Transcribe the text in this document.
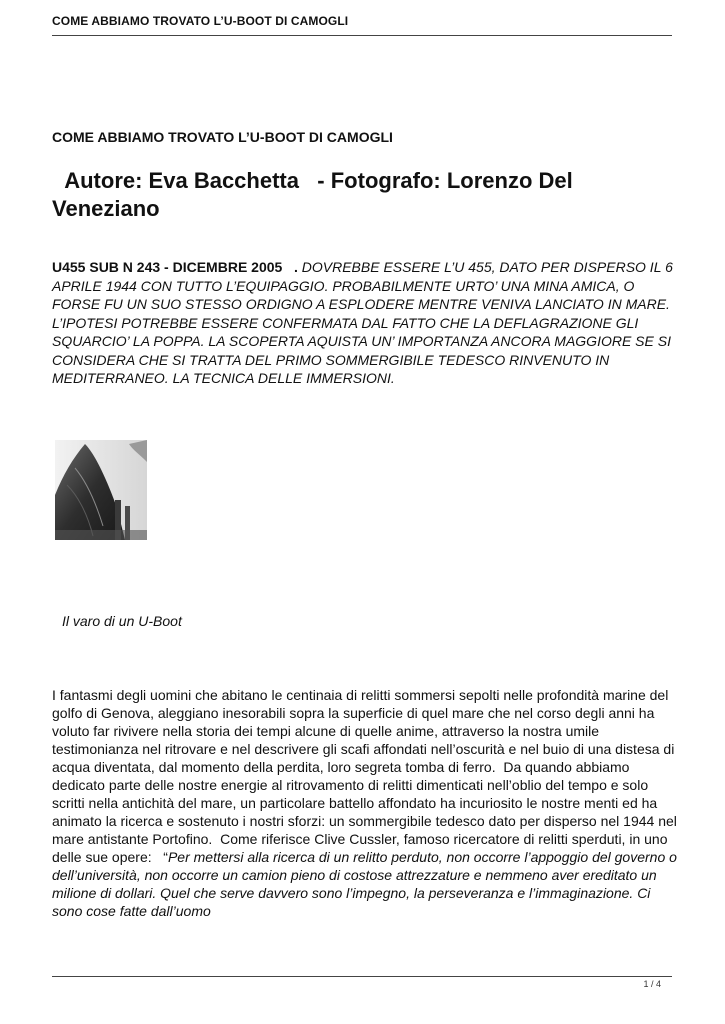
COME ABBIAMO TROVATO L’U-BOOT DI CAMOGLI
COME ABBIAMO TROVATO L’U-BOOT DI CAMOGLI
Autore: Eva Bacchetta   - Fotografo: Lorenzo Del Veneziano
U455 SUB N 243 - DICEMBRE 2005   . DOVREBBE ESSERE L’U 455, DATO PER DISPERSO IL 6 APRILE 1944 CON TUTTO L’EQUIPAGGIO. PROBABILMENTE URTO’ UNA MINA AMICA, O FORSE FU UN SUO STESSO ORDIGNO A ESPLODERE MENTRE VENIVA LANCIATO IN MARE. L’IPOTESI POTREBBE ESSERE CONFERMATA DAL FATTO CHE LA DEFLAGRAZIONE GLI SQUARCIO’ LA POPPA. LA SCOPERTA AQUISTA UN’ IMPORTANZA ANCORA MAGGIORE SE SI CONSIDERA CHE SI TRATTA DEL PRIMO SOMMERGIBILE TEDESCO RINVENUTO IN MEDITERRANEO. LA TECNICA DELLE IMMERSIONI.
Il varo di un U-Boot
I fantasmi degli uomini che abitano le centinaia di relitti sommersi sepolti nelle profondità marine del golfo di Genova, aleggiano inesorabili sopra la superficie di quel mare che nel corso degli anni ha voluto far rivivere nella storia dei tempi alcune di quelle anime, attraverso la nostra umile testimonianza nel ritrovare e nel descrivere gli scafi affondati nell’oscurità e nel buio di una distesa di acqua diventata, dal momento della perdita, loro segreta tomba di ferro.  Da quando abbiamo dedicato parte delle nostre energie al ritrovamento di relitti dimenticati nell’oblio del tempo e solo scritti nella antichità del mare, un particolare battello affondato ha incuriosito le nostre menti ed ha animato la ricerca e sostenuto i nostri sforzi: un sommergibile tedesco dato per disperso nel 1944 nel mare antistante Portofino.  Come riferisce Clive Cussler, famoso ricercatore di relitti sperduti, in uno delle sue opere:   “Per mettersi alla ricerca di un relitto perduto, non occorre l’appoggio del governo o dell’università, non occorre un camion pieno di costose attrezzature e nemmeno aver ereditato un milione di dollari. Quel che serve davvero sono l’impegno, la perseveranza e l’immaginazione. Ci sono cose fatte dall’uomo
1 / 4
